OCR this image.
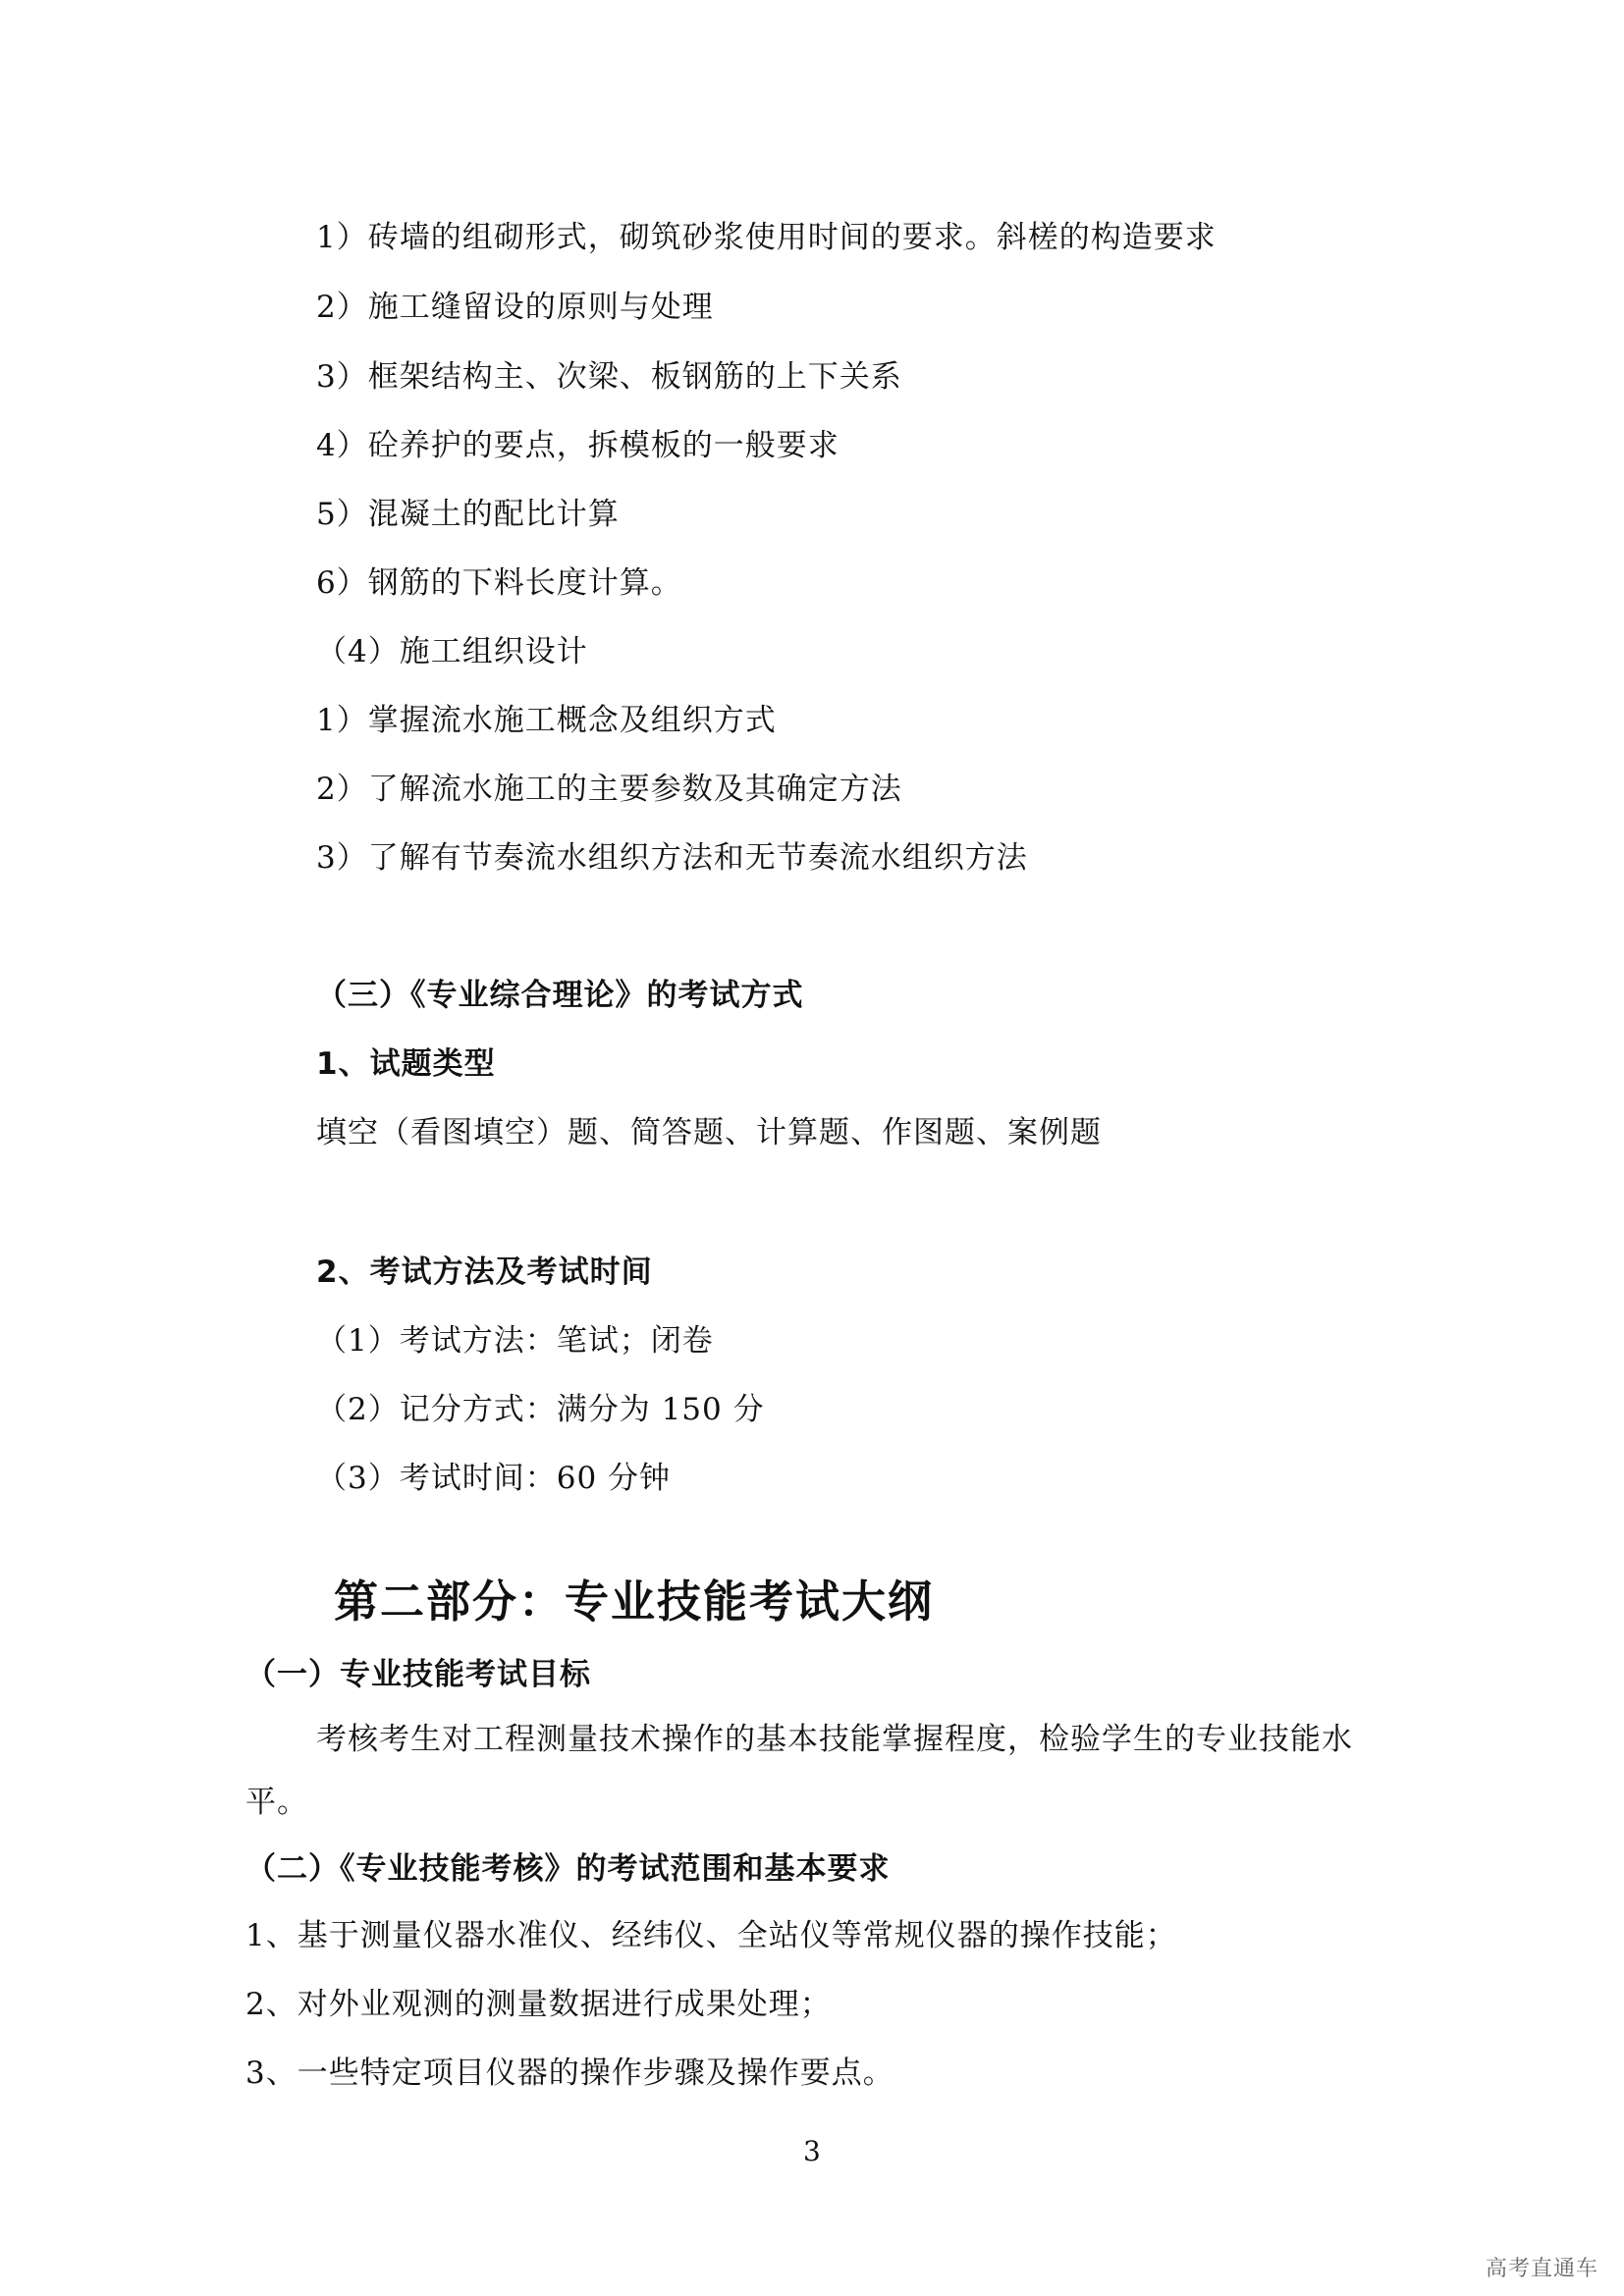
1）砖墙的组砌形式，砌筑砂浆使用时间的要求。斜槎的构造要求
2）施工缝留设的原则与处理
3）框架结构主、次梁、板钢筋的上下关系
4）砼养护的要点，拆模板的一般要求
5）混凝土的配比计算
6）钢筋的下料长度计算。
（4）施工组织设计
1）掌握流水施工概念及组织方式
2）了解流水施工的主要参数及其确定方法
3）了解有节奏流水组织方法和无节奏流水组织方法
（三）《专业综合理论》的考试方式
1、试题类型
填空（看图填空）题、简答题、计算题、作图题、案例题
2、考试方法及考试时间
（1）考试方法：笔试；闭卷
（2）记分方式：满分为 150 分
（3）考试时间：60 分钟
第二部分：专业技能考试大纲
（一）专业技能考试目标
考核考生对工程测量技术操作的基本技能掌握程度，检验学生的专业技能水
平。
（二）《专业技能考核》的考试范围和基本要求
1、基于测量仪器水准仪、经纬仪、全站仪等常规仪器的操作技能；
2、对外业观测的测量数据进行成果处理；
3、一些特定项目仪器的操作步骤及操作要点。
3
高考直通车
